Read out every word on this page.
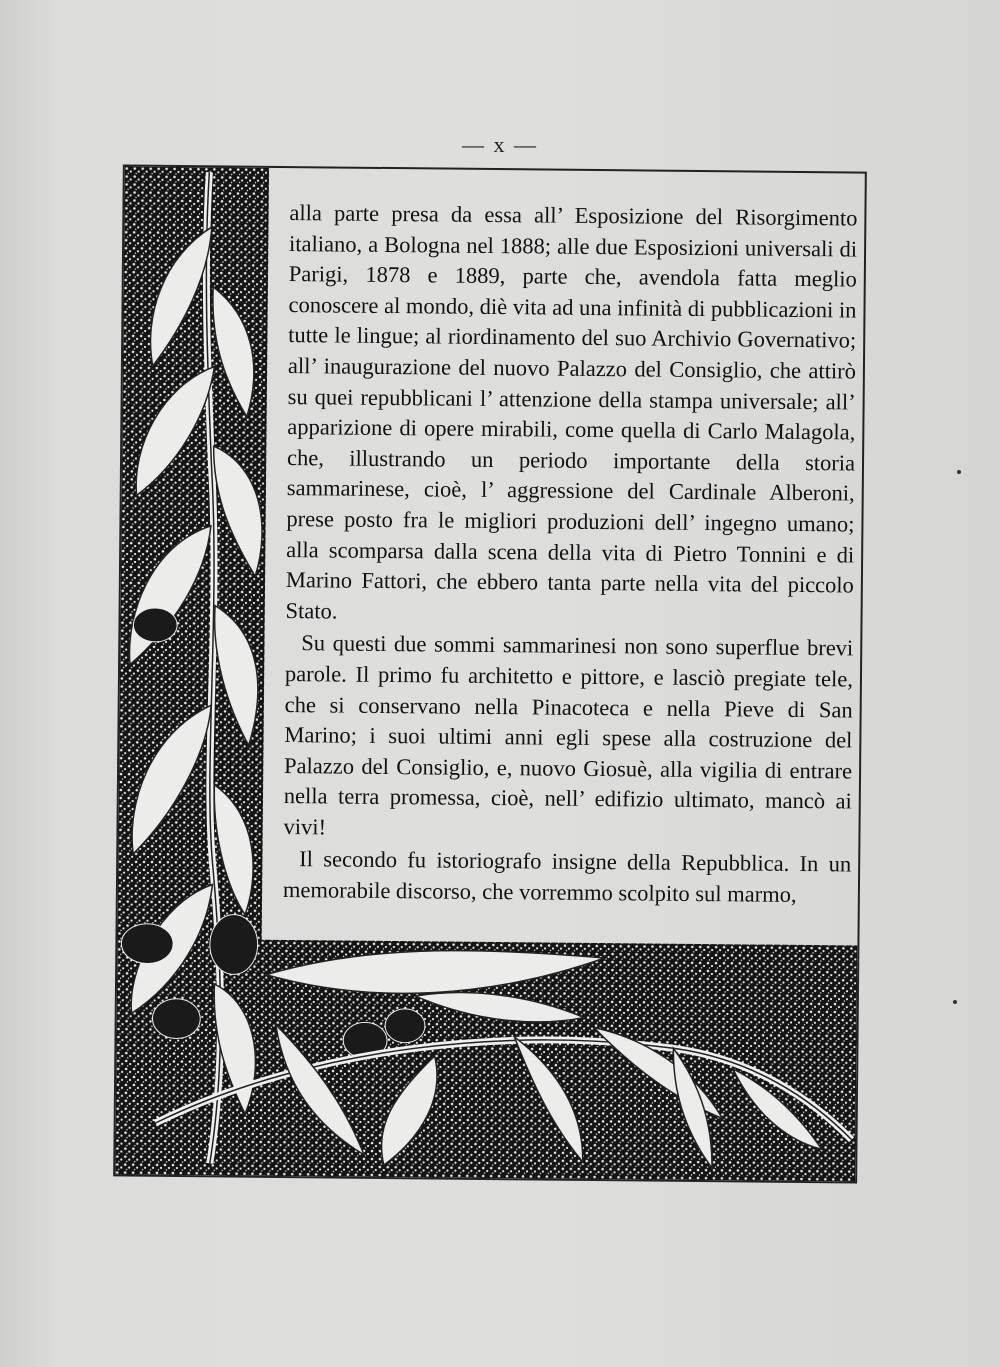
— x —

alla parte presa da essa all’ Esposizione del Risorgimento italiano, a Bologna nel 1888; alle due Esposizioni universali di Parigi, 1878 e 1889, parte che, avendola fatta meglio conoscere al mondo, diè vita ad una infinità di pubblicazioni in tutte le lingue; al riordinamento del suo Archivio Governativo; all’ inaugurazione del nuovo Palazzo del Consiglio, che attirò su quei repubblicani l’ attenzione della stampa universale; all’ apparizione di opere mirabili, come quella di Carlo Malagola, che, illustrando un periodo importante della storia sammarinese, cioè, l’ aggressione del Cardinale Alberoni, prese posto fra le migliori produzioni dell’ ingegno umano; alla scomparsa dalla scena della vita di Pietro Tonnini e di Marino Fattori, che ebbero tanta parte nella vita del piccolo Stato.

Su questi due sommi sammarinesi non sono superflue brevi parole. Il primo fu architetto e pittore, e lasciò pregiate tele, che si conservano nella Pinacoteca e nella Pieve di San Marino; i suoi ultimi anni egli spese alla costruzione del Palazzo del Consiglio, e, nuovo Giosuè, alla vigilia di entrare nella terra promessa, cioè, nell’ edifizio ultimato, mancò ai vivi!

Il secondo fu istoriografo insigne della Repubblica. In un memorabile discorso, che vorremmo scolpito sul marmo,
